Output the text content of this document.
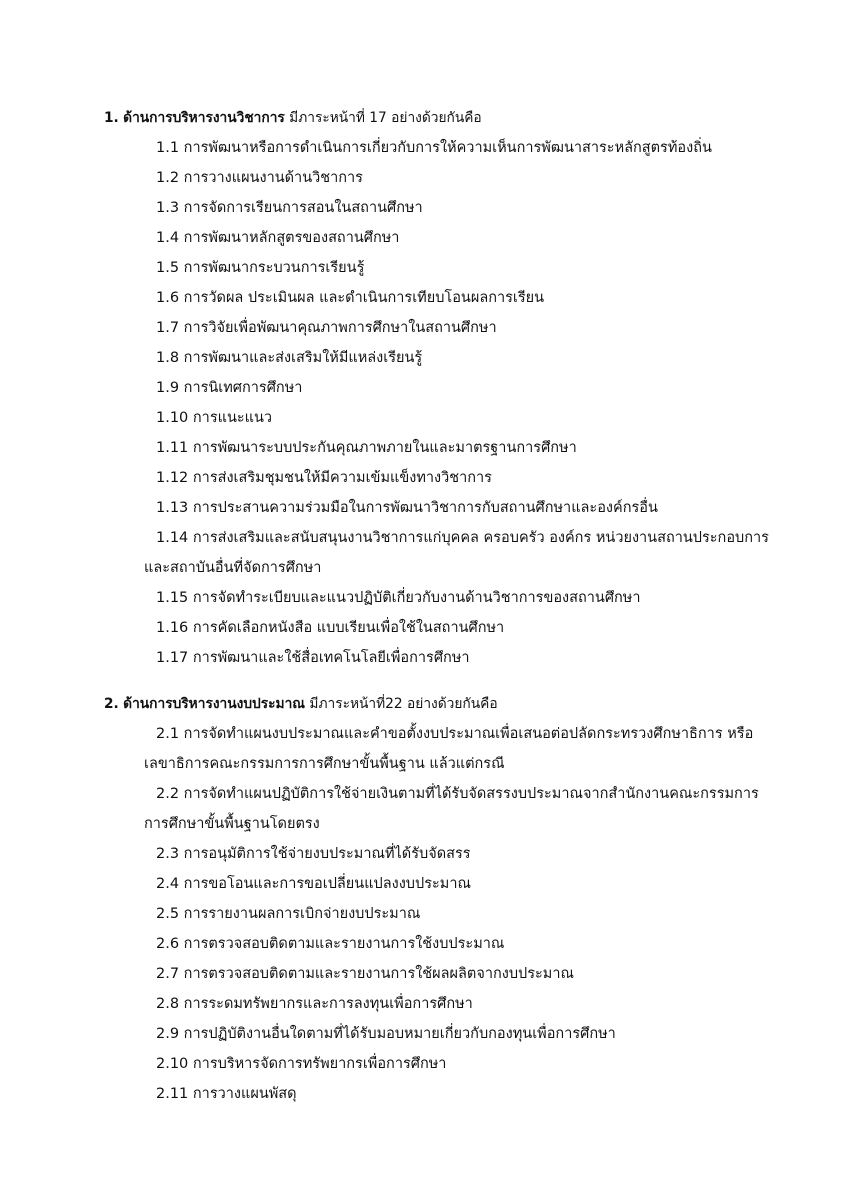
1. ด้านการบริหารงานวิชาการ มีภาระหน้าที่ 17 อย่างด้วยกันคือ
1.1 การพัฒนาหรือการดำเนินการเกี่ยวกับการให้ความเห็นการพัฒนาสาระหลักสูตรท้องถิ่น
1.2 การวางแผนงานด้านวิชาการ
1.3 การจัดการเรียนการสอนในสถานศึกษา
1.4 การพัฒนาหลักสูตรของสถานศึกษา
1.5 การพัฒนากระบวนการเรียนรู้
1.6 การวัดผล ประเมินผล และดำเนินการเทียบโอนผลการเรียน
1.7 การวิจัยเพื่อพัฒนาคุณภาพการศึกษาในสถานศึกษา
1.8 การพัฒนาและส่งเสริมให้มีแหล่งเรียนรู้
1.9 การนิเทศการศึกษา
1.10 การแนะแนว
1.11 การพัฒนาระบบประกันคุณภาพภายในและมาตรฐานการศึกษา
1.12 การส่งเสริมชุมชนให้มีความเข้มแข็งทางวิชาการ
1.13 การประสานความร่วมมือในการพัฒนาวิชาการกับสถานศึกษาและองค์กรอื่น
1.14 การส่งเสริมและสนับสนุนงานวิชาการแก่บุคคล ครอบครัว องค์กร หน่วยงานสถานประกอบการ
และสถาบันอื่นที่จัดการศึกษา
1.15 การจัดทำระเบียบและแนวปฏิบัติเกี่ยวกับงานด้านวิชาการของสถานศึกษา
1.16 การคัดเลือกหนังสือ แบบเรียนเพื่อใช้ในสถานศึกษา
1.17 การพัฒนาและใช้สื่อเทคโนโลยีเพื่อการศึกษา
2. ด้านการบริหารงานงบประมาณ มีภาระหน้าที่22 อย่างด้วยกันคือ
2.1 การจัดทำแผนงบประมาณและคำขอตั้งงบประมาณเพื่อเสนอต่อปลัดกระทรวงศึกษาธิการ หรือ
เลขาธิการคณะกรรมการการศึกษาขั้นพื้นฐาน แล้วแต่กรณี
2.2 การจัดทำแผนปฏิบัติการใช้จ่ายเงินตามที่ได้รับจัดสรรงบประมาณจากสำนักงานคณะกรรมการ
การศึกษาขั้นพื้นฐานโดยตรง
2.3 การอนุมัติการใช้จ่ายงบประมาณที่ได้รับจัดสรร
2.4 การขอโอนและการขอเปลี่ยนแปลงงบประมาณ
2.5 การรายงานผลการเบิกจ่ายงบประมาณ
2.6 การตรวจสอบติดตามและรายงานการใช้งบประมาณ
2.7 การตรวจสอบติดตามและรายงานการใช้ผลผลิตจากงบประมาณ
2.8 การระดมทรัพยากรและการลงทุนเพื่อการศึกษา
2.9 การปฏิบัติงานอื่นใดตามที่ได้รับมอบหมายเกี่ยวกับกองทุนเพื่อการศึกษา
2.10 การบริหารจัดการทรัพยากรเพื่อการศึกษา
2.11 การวางแผนพัสดุ
